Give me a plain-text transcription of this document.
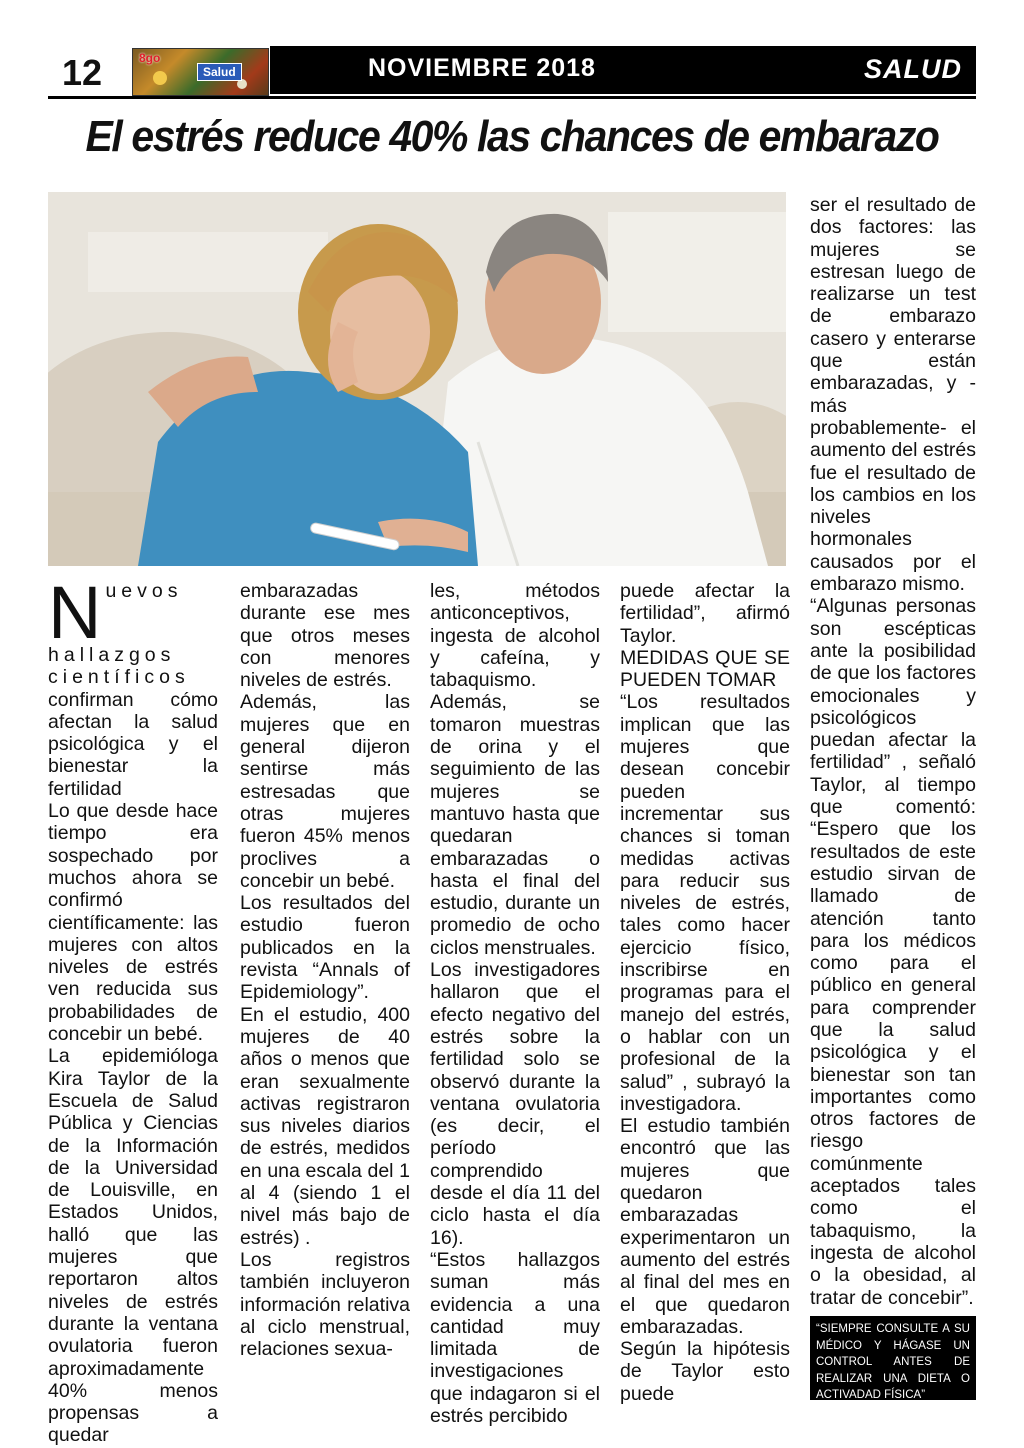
12	8go
Salud	NOVIEMBRE 2018	SALUD
El estrés reduce 40% las chances de embarazo
Nuevos hallazgos científicos confirman cómo afectan la salud psicológica y el bienestar la fertilidad
Lo que desde hace tiempo era sospechado por muchos ahora se confirmó científicamente: las mujeres con altos niveles de estrés ven reducida sus probabilidades de concebir un bebé.
La epidemióloga Kira Taylor de la Escuela de Salud Pública y Ciencias de la Información de la Universidad de Louisville, en Estados Unidos, halló que las mujeres que reportaron altos niveles de estrés durante la ventana ovulatoria fueron aproximadamente 40% menos propensas a quedar
embarazadas durante ese mes que otros meses con menores niveles de estrés.
Además, las mujeres que en general dijeron sentirse más estresadas que otras mujeres fueron 45% menos proclives a concebir un bebé.
Los resultados del estudio fueron publicados en la revista “Annals of Epidemiology”.
En el estudio, 400 mujeres de 40 años o menos que eran sexualmente activas registraron sus niveles diarios de estrés, medidos en una escala del 1 al 4 (siendo 1 el nivel más bajo de estrés) .
Los registros también incluyeron información relativa al ciclo menstrual, relaciones sexua-
les, métodos anticonceptivos, ingesta de alcohol y cafeína, y tabaquismo. Además, se tomaron muestras de orina y el seguimiento de las mujeres se mantuvo hasta que quedaran embarazadas o hasta el final del estudio, durante un promedio de ocho ciclos menstruales.
Los investigadores hallaron que el efecto negativo del estrés sobre la fertilidad solo se observó durante la ventana ovulatoria (es decir, el período comprendido desde el día 11 del ciclo hasta el día 16).
“Estos hallazgos suman más evidencia a una cantidad muy limitada de investigaciones que indagaron si el estrés percibido
puede afectar la fertilidad”, afirmó Taylor.
MEDIDAS QUE SE PUEDEN TOMAR
“Los resultados implican que las mujeres que desean concebir pueden incrementar sus chances si toman medidas activas para reducir sus niveles de estrés, tales como hacer ejercicio físico, inscribirse en programas para el manejo del estrés, o hablar con un profesional de la salud” , subrayó la investigadora.
El estudio también encontró que las mujeres que quedaron embarazadas experimentaron un aumento del estrés al final del mes en el que quedaron embarazadas. Según la hipótesis de Taylor esto puede
ser el resultado de dos factores: las mujeres se estresan luego de realizarse un test de embarazo casero y enterarse que están embarazadas, y -más probablemente- el aumento del estrés fue el resultado de los cambios en los niveles hormonales causados por el embarazo mismo.
“Algunas personas son escépticas ante la posibilidad de que los factores emocionales y psicológicos puedan afectar la fertilidad” , señaló Taylor, al tiempo que comentó: “Espero que los resultados de este estudio sirvan de llamado de atención tanto para los médicos como para el público en general para comprender que la salud psicológica y el bienestar son tan importantes como otros factores de riesgo comúnmente aceptados tales como el tabaquismo, la ingesta de alcohol o la obesidad, al tratar de concebir”.
“SIEMPRE CONSULTE A SU MÉDICO Y HÁGASE UN CONTROL ANTES DE REALIZAR UNA DIETA O ACTIVADAD FÍSICA”
